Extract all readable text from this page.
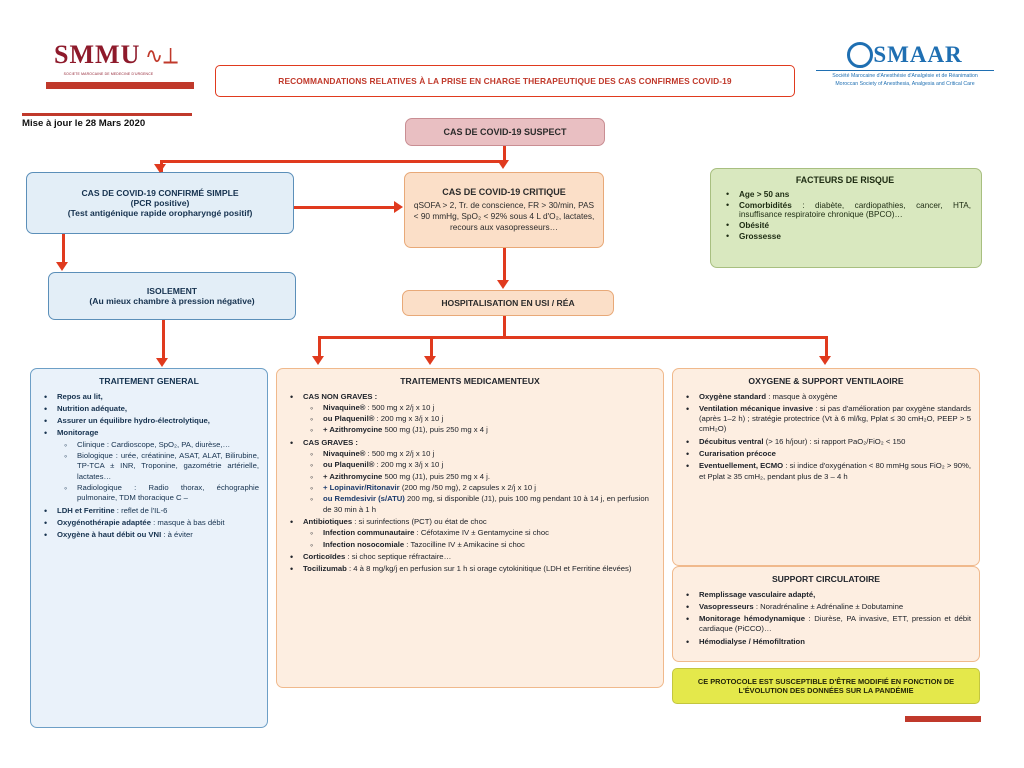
SMMU ∿⟂
SOCIETE MAROCAINE DE MEDECINE D'URGENCE
SMAAR
Société Marocaine d'Anesthésie d'Analgésie et de Réanimation
Moroccan Society of Anesthesia, Analgesia and Critical Care
RECOMMANDATIONS RELATIVES À LA PRISE EN CHARGE THERAPEUTIQUE DES CAS CONFIRMES COVID-19
Mise à jour le 28 Mars 2020
CAS DE COVID-19 SUSPECT
CAS DE COVID-19 CONFIRMÉ SIMPLE
(PCR positive)
(Test antigénique rapide oropharyngé positif)
CAS DE COVID-19 CRITIQUE
qSOFA > 2, Tr. de conscience, FR > 30/min, PAS < 90 mmHg, SpO₂ < 92% sous 4 L d'O₂, lactates, recours aux vasopresseurs…
ISOLEMENT
(Au mieux chambre à pression négative)	HOSPITALISATION EN USI / RÉA
FACTEURS DE RISQUE
• Age > 50 ans
• Comorbidités : diabète, cardiopathies, cancer, HTA, insuffisance respiratoire chronique (BPCO)…
• Obésité
• Grossesse
TRAITEMENT GENERAL
• Repos au lit,
• Nutrition adéquate,
• Assurer un équilibre hydro-électrolytique,
• Monitorage
◦ Clinique : Cardioscope, SpO₂, PA, diurèse,…
◦ Biologique : urée, créatinine, ASAT, ALAT, Bilirubine, TP-TCA ± INR, Troponine, gazométrie artérielle, lactates…
◦ Radiologique : Radio thorax, échographie pulmonaire, TDM thoracique C –
• LDH et Ferritine : reflet de l'IL-6
• Oxygénothérapie adaptée : masque à bas débit
• Oxygène à haut débit ou VNI : à éviter
TRAITEMENTS MEDICAMENTEUX
• CAS NON GRAVES :
◦ Nivaquine® : 500 mg x 2/j x 10 j
◦ ou Plaquenil® : 200 mg x 3/j x 10 j
◦ + Azithromycine 500 mg (J1), puis 250 mg x 4 j
• CAS GRAVES :
◦ Nivaquine® : 500 mg x 2/j x 10 j
◦ ou Plaquenil® : 200 mg x 3/j x 10 j
◦ + Azithromycine 500 mg (J1), puis 250 mg x 4 j.
◦ + Lopinavir/Ritonavir (200 mg /50 mg), 2 capsules x 2/j x 10 j
◦ ou Remdesivir (s/ATU) 200 mg, si disponible (J1), puis 100 mg pendant 10 à 14 j, en perfusion de 30 min à 1 h
• Antibiotiques : si surinfections (PCT) ou état de choc
◦ Infection communautaire : Céfotaxime IV ± Gentamycine si choc
◦ Infection nosocomiale : Tazocilline IV ± Amikacine si choc
• Corticoïdes : si choc septique réfractaire…
• Tocilizumab : 4 à 8 mg/kg/j en perfusion sur 1 h si orage cytokinitique (LDH et Ferritine élevées)
OXYGENE & SUPPORT VENTILAOIRE
• Oxygène standard : masque à oxygène
• Ventilation mécanique invasive : si pas d'amélioration par oxygène standards (après 1–2 h) ; stratégie protectrice (Vt à 6 ml/kg, Pplat ≤ 30 cmH₂O, PEEP > 5 cmH₂O)
• Décubitus ventral (> 16 h/jour) : si rapport PaO₂/FiO₂ < 150
• Curarisation précoce
• Eventuellement, ECMO : si indice d'oxygénation < 80 mmHg sous FiO₂ > 90%, et Pplat ≥ 35 cmH₂, pendant plus de 3 – 4 h
SUPPORT CIRCULATOIRE
• Remplissage vasculaire adapté,
• Vasopresseurs : Noradrénaline ± Adrénaline ± Dobutamine
• Monitorage hémodynamique : Diurèse, PA invasive, ETT, pression et débit cardiaque (PiCCO)…
• Hémodialyse / Hémofiltration
CE PROTOCOLE EST SUSCEPTIBLE D'ÊTRE MODIFIÉ EN FONCTION DE L'ÉVOLUTION DES DONNÉES SUR LA PANDÉMIE
